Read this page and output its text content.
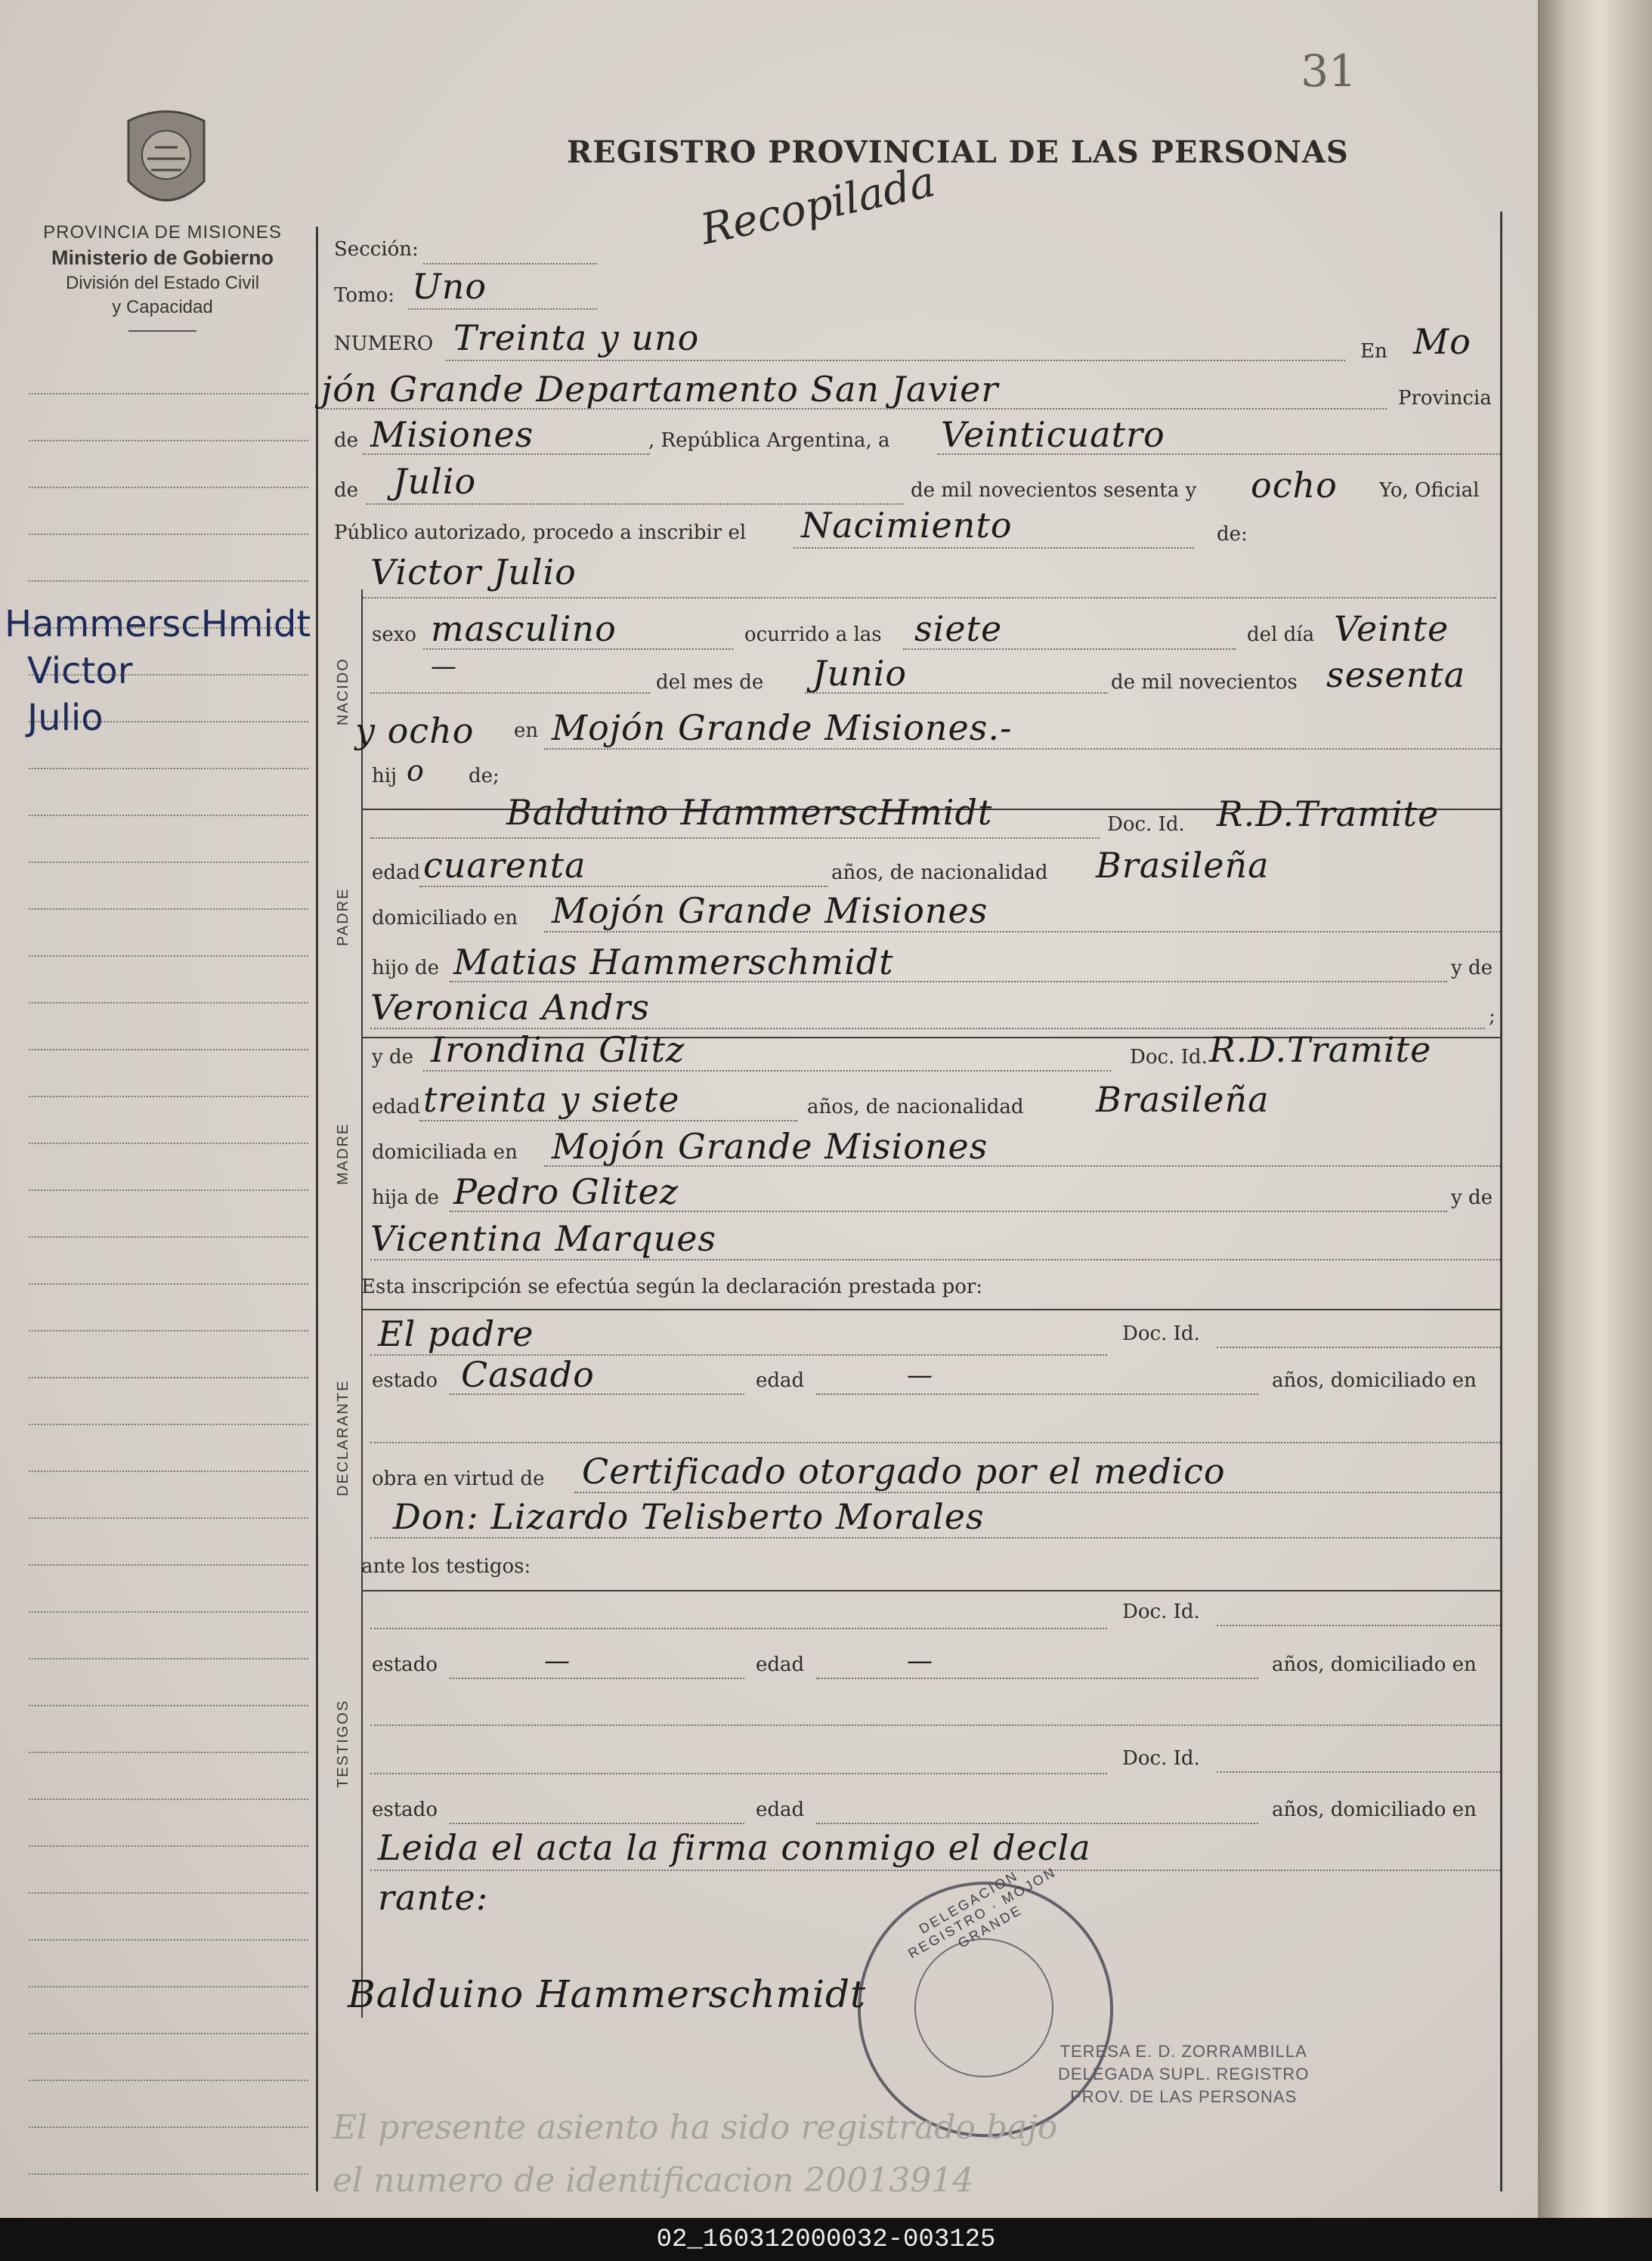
31
PROVINCIA DE MISIONES
Ministerio de Gobierno
División del Estado Civil
y Capacidad
HammerscHmidt
Victor
Julio
REGISTRO PROVINCIAL DE LAS PERSONAS
Recopilada
Sección:
Tomo: Uno
NUMERO Treinta y uno	En Mo
jón Grande Departamento San Javier	Provincia
de Misiones	, República Argentina, a Veinticuatro
de Julio	de mil novecientos sesenta y ocho Yo, Oficial
Público autorizado, procedo a inscribir el Nacimiento	de:
Victor Julio
NACIDO
sexo masculino	ocurrido a las siete	del día Veinte
—
del mes de Junio	de mil novecientos sesenta
y ocho en Mojón Grande Misiones.-
hij o de;
PADRE
Balduino HammerscHmidt	Doc. Id. R.D.Tramite
edad cuarenta	años, de nacionalidad Brasileña
domiciliado en Mojón Grande Misiones
hijo de Matias Hammerschmidt	y de
Veronica Andrs	;
MADRE
y de Irondina Glitz	Doc. Id. R.D.Tramite
edad treinta y siete	años, de nacionalidad Brasileña
domiciliada en Mojón Grande Misiones
hija de Pedro Glitez	y de
Vicentina Marques
Esta inscripción se efectúa según la declaración prestada por:
DECLARANTE
El padre	Doc. Id.
estado Casado	edad	—	años, domiciliado en
obra en virtud de Certificado otorgado por el medico
Don: Lizardo Telisberto Morales
ante los testigos:
TESTIGOS
Doc. Id.
estado	—	edad	—	años, domiciliado en
Doc. Id.
estado	edad	años, domiciliado en
Leida el acta la firma conmigo el decla
rante:	DELEGACION · REGISTRO · MOJON GRANDE
Balduino Hammerschmidt
TERESA E. D. ZORRAMBILLA
DELEGADA SUPL. REGISTRO
PROV. DE LAS PERSONAS
El presente asiento ha sido registrado bajo
el numero de identificacion 20013914
02_160312000032-003125
